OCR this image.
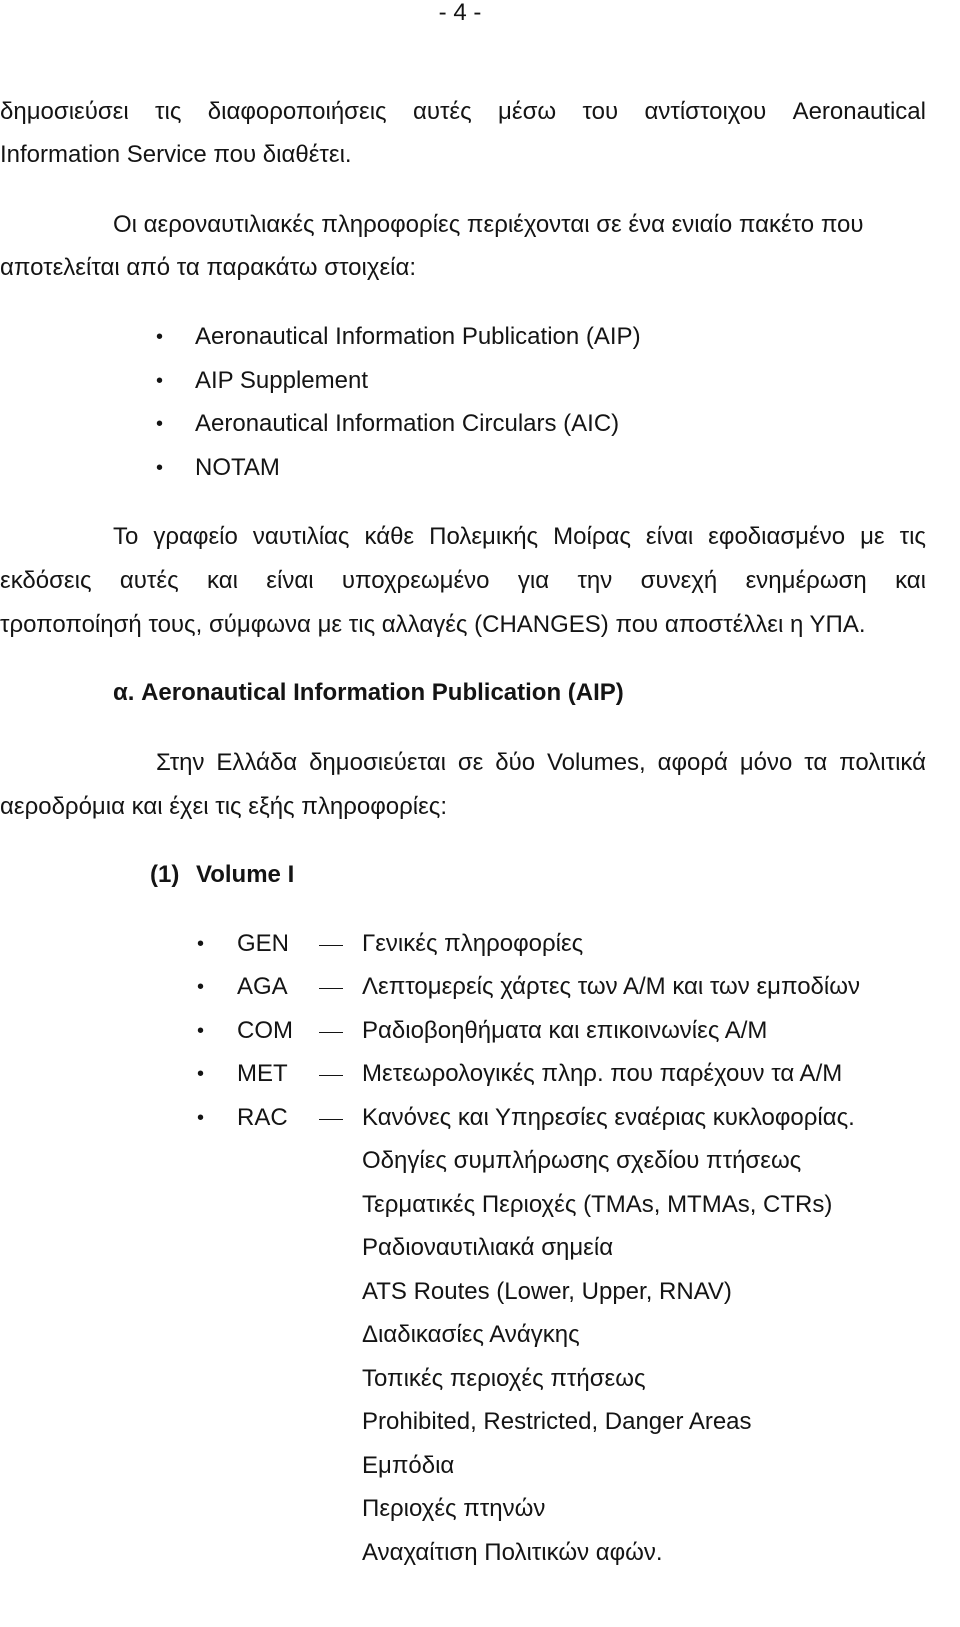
- 4 -
δημοσιεύσει τις διαφοροποιήσεις αυτές μέσω του αντίστοιχου Aeronautical
Information Service που διαθέτει.
Οι αεροναυτιλιακές πληροφορίες περιέχονται σε ένα ενιαίο πακέτο που
αποτελείται από τα παρακάτω στοιχεία:
• Aeronautical Information Publication (AIP)
• AIP Supplement
• Aeronautical Information Circulars (AIC)
• NOTAM
Το γραφείο ναυτιλίας κάθε Πολεμικής Μοίρας είναι εφοδιασμένο με τις
εκδόσεις αυτές και είναι υποχρεωμένο για την συνεχή ενημέρωση και
τροποποίησή τους, σύμφωνα με τις αλλαγές (CHANGES) που αποστέλλει η ΥΠΑ.
α. Aeronautical Information Publication (AIP)
Στην Ελλάδα δημοσιεύεται σε δύο Volumes, αφορά μόνο τα πολιτικά
αεροδρόμια και έχει τις εξής πληροφορίες:
(1) Volume I
• GEN	Γενικές πληροφορίες
• AGA	Λεπτομερείς χάρτες των Α/Μ και των εμποδίων
• COM	Ραδιοβοηθήματα και επικοινωνίες Α/Μ
• MET	Μετεωρολογικές πληρ. που παρέχουν τα Α/Μ
• RAC	Κανόνες και Υπηρεσίες εναέριας κυκλοφορίας.
Οδηγίες συμπλήρωσης σχεδίου πτήσεως
Τερματικές Περιοχές (TMAs, MTMAs, CTRs)
Ραδιοναυτιλιακά σημεία
ATS Routes (Lower, Upper, RNAV)
Διαδικασίες Ανάγκης
Τοπικές περιοχές πτήσεως
Prohibited, Restricted, Danger Areas
Εμπόδια
Περιοχές πτηνών
Αναχαίτιση Πολιτικών αφών.
